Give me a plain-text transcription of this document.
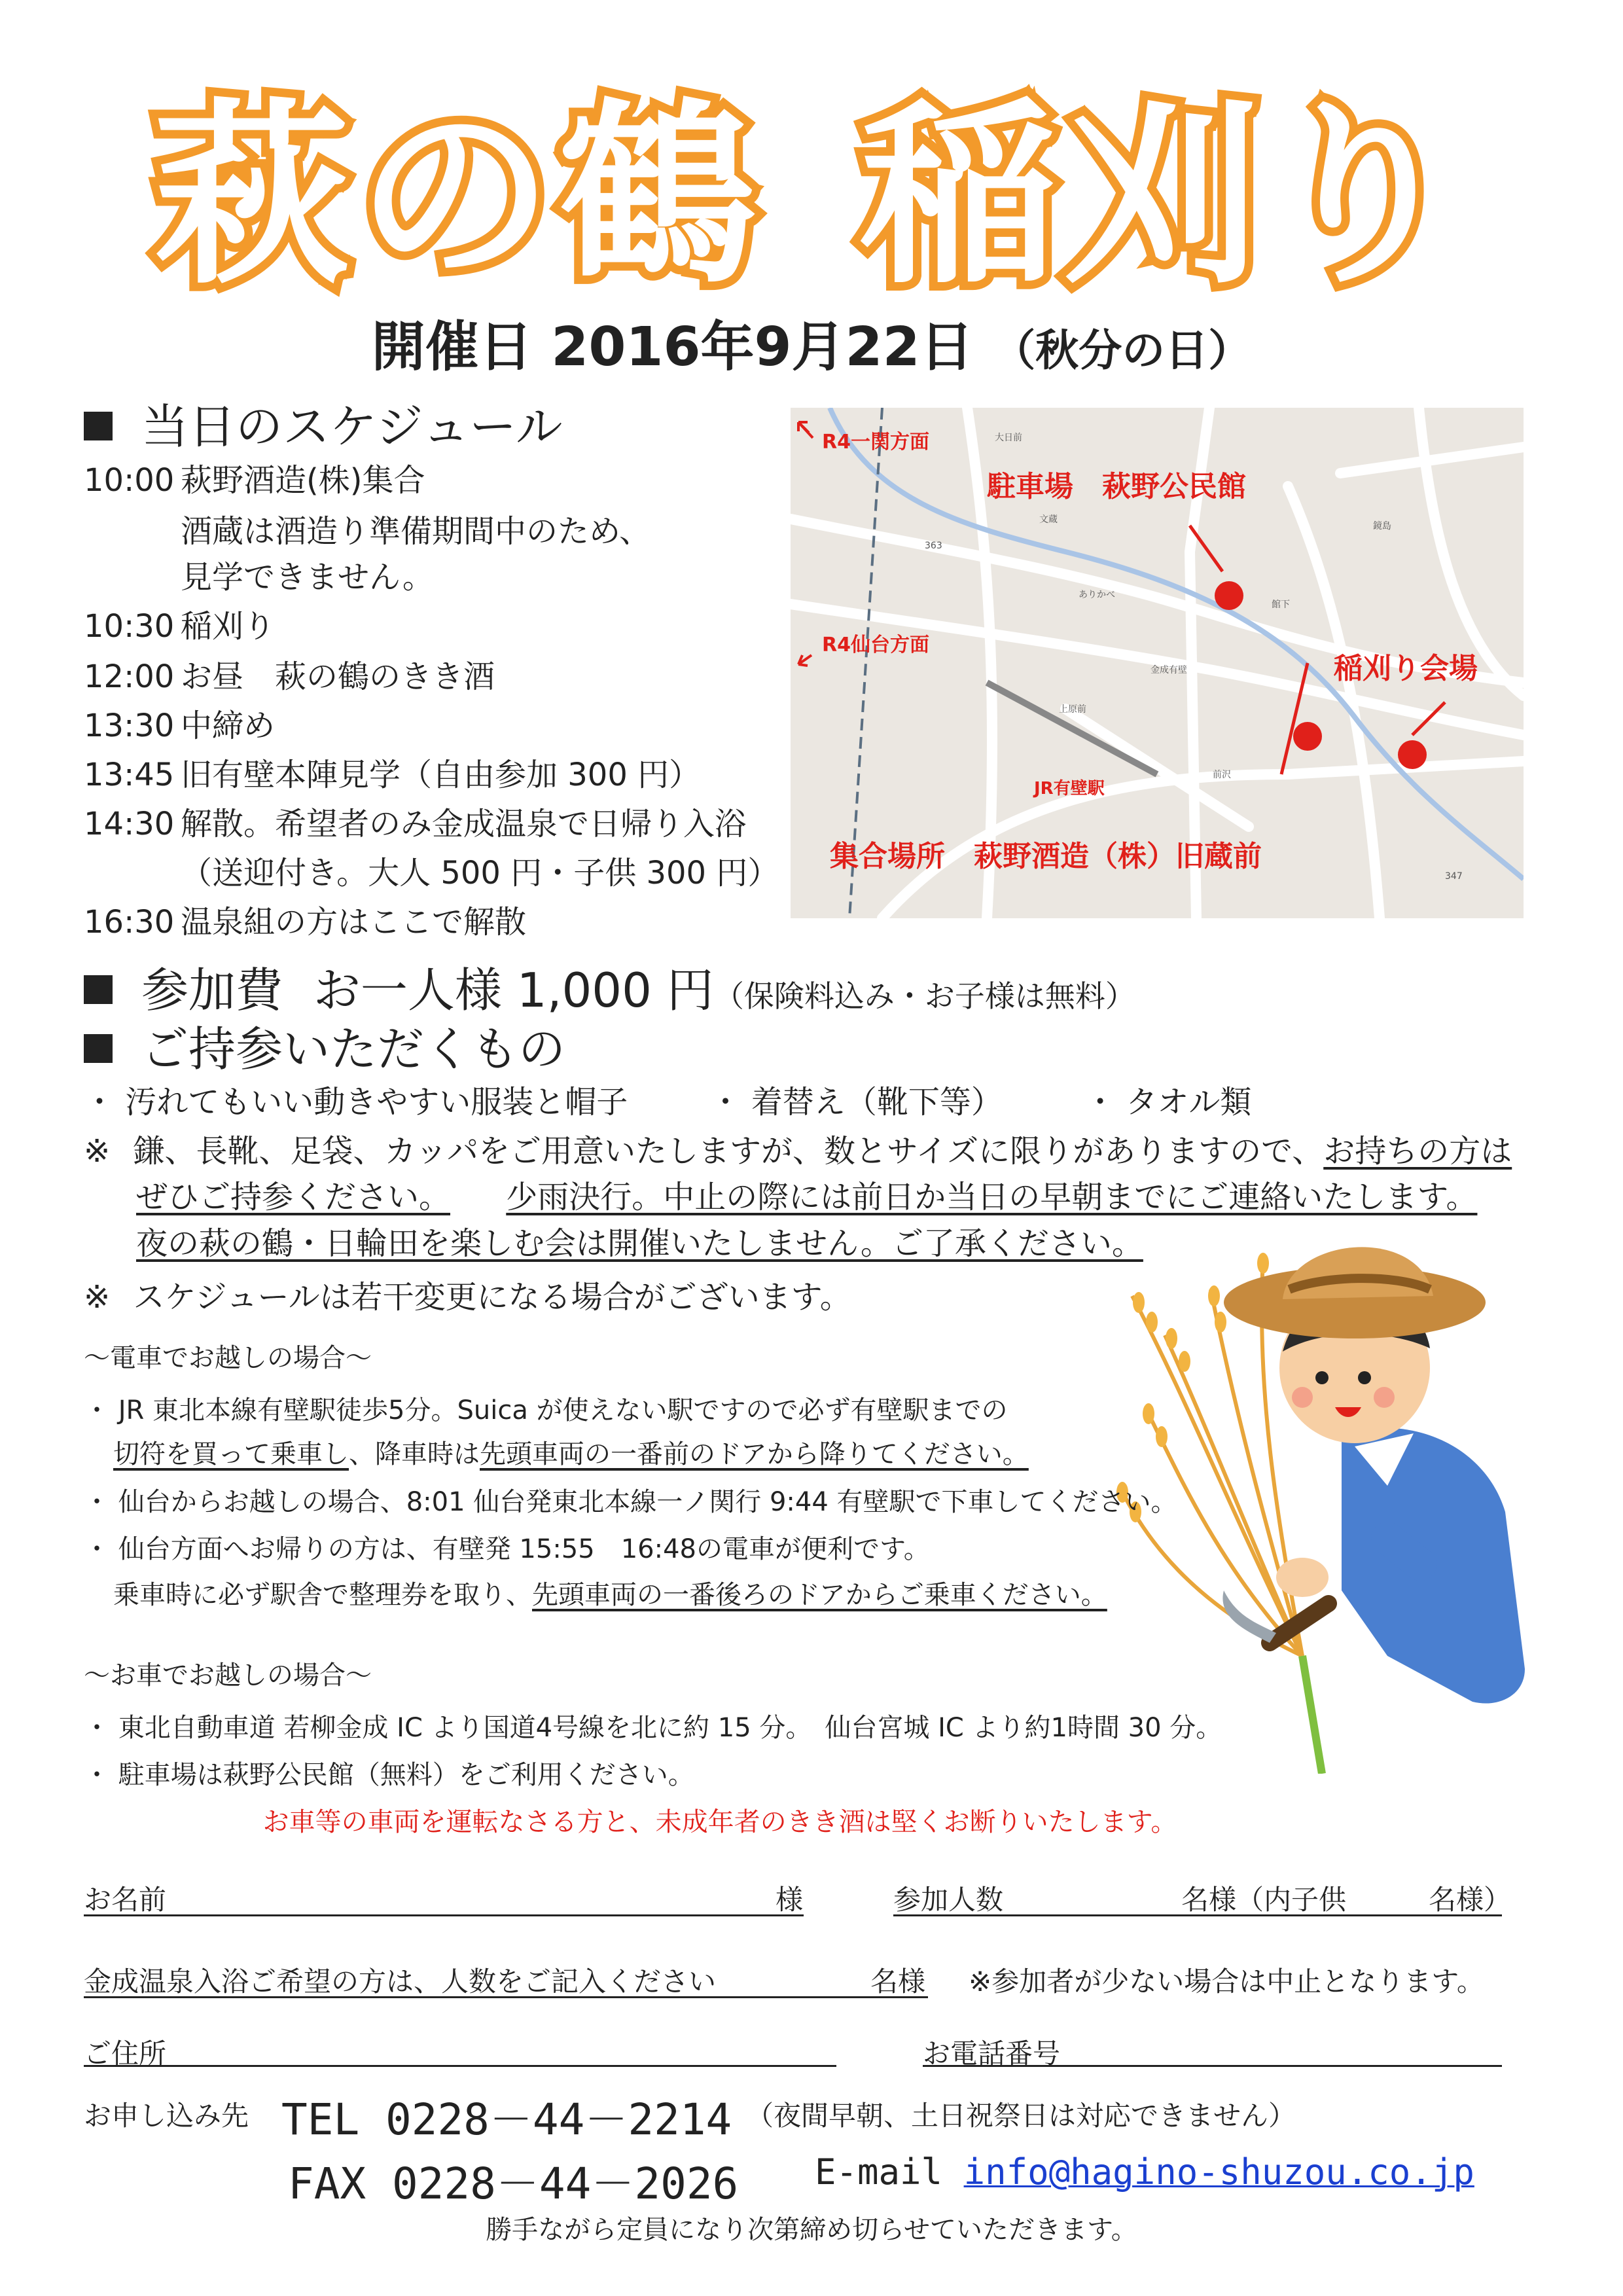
萩の鶴 稲刈り
開催日 2016年9月22日 （秋分の日）
当日のスケジュール
10:00 萩野酒造(株)集合
酒蔵は酒造り準備期間中のため、
見学できません。
10:30 稲刈り
12:00 お昼　萩の鶴のきき酒
13:30 中締め
13:45 旧有壁本陣見学（自由参加 300 円）
14:30 解散。希望者のみ金成温泉で日帰り入浴
（送迎付き。大人 500 円・子供 300 円）
16:30 温泉組の方はここで解散
大日前
文蔵
ありかべ
金成有壁
上原前
前沢
館下
鏡島
363
347
R4一関方面
R4仙台方面
駐車場　萩野公民館
稲刈り会場
集合場所　萩野酒造（株）旧蔵前
JR有壁駅
参加費 お一人様 1,000 円（保険料込み・お子様は無料）
ご持参いただくもの
・ 汚れてもいい動きやすい服装と帽子	・ 着替え（靴下等）	・ タオル類
※ 鎌、長靴、足袋、カッパをご用意いたしますが、数とサイズに限りがありますので、お持ちの方は
ぜひご持参ください。 少雨決行。中止の際には前日か当日の早朝までにご連絡いたします。
夜の萩の鶴・日輪田を楽しむ会は開催いたしません。ご了承ください。
※ スケジュールは若干変更になる場合がございます。
～電車でお越しの場合～
・ JR 東北本線有壁駅徒歩5分。Suica が使えない駅ですので必ず有壁駅までの
切符を買って乗車し、降車時は先頭車両の一番前のドアから降りてください。
・ 仙台からお越しの場合、8:01 仙台発東北本線一ノ関行 9:44 有壁駅で下車してください。
・ 仙台方面へお帰りの方は、有壁発 15:55　16:48の電車が便利です。
乗車時に必ず駅舎で整理券を取り、先頭車両の一番後ろのドアからご乗車ください。
～お車でお越しの場合～
・ 東北自動車道 若柳金成 IC より国道4号線を北に約 15 分。　仙台宮城 IC より約1時間 30 分。
・ 駐車場は萩野公民館（無料）をご利用ください。
お車等の車両を運転なさる方と、未成年者のきき酒は堅くお断りいたします。
お名前	様	参加人数	名様（内子供　　　名様）
金成温泉入浴ご希望の方は、人数をご記入ください	名様 ※参加者が少ない場合は中止となります。
ご住所	お電話番号
お申し込み先 TEL 0228－44－2214 （夜間早朝、土日祝祭日は対応できません）
FAX 0228－44－2026 E-mail info@hagino-shuzou.co.jp
勝手ながら定員になり次第締め切らせていただきます。
